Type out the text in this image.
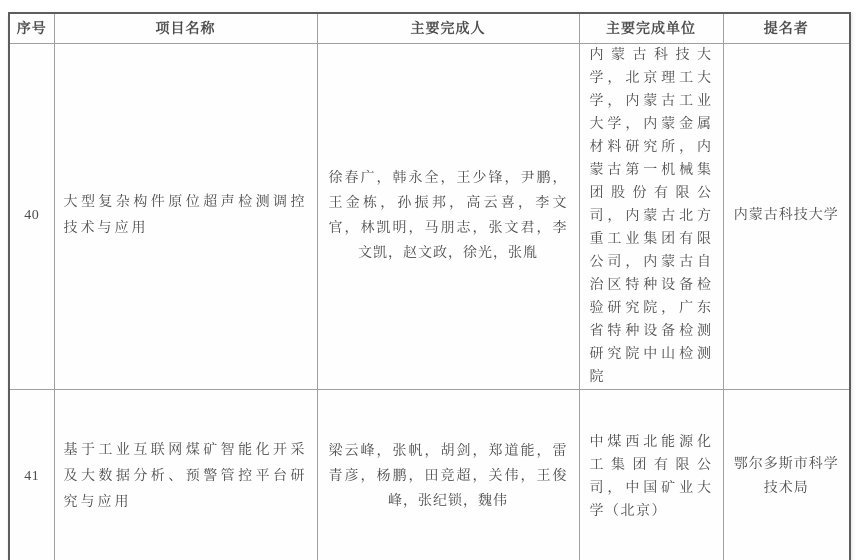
序号	项目名称	主要完成人	主要完成单位	提名者
40	大型复杂构件原位超声检测调控技术与应用	徐春广，韩永全，王少锋，尹鹏，王金栋，孙振邦，高云喜，李文官，林凯明，马朋志，张文君，李文凯，赵文政，徐光，张胤	内蒙古科技大学，北京理工大学，内蒙古工业大学，内蒙金属材料研究所，内蒙古第一机械集团股份有限公司，内蒙古北方重工业集团有限公司，内蒙古自治区特种设备检验研究院，广东省特种设备检测研究院中山检测院	内蒙古科技大学
41	基于工业互联网煤矿智能化开采及大数据分析、预警管控平台研究与应用	梁云峰，张帆，胡剑，郑道能，雷青彦，杨鹏，田竞超，关伟，王俊峰，张纪锁，魏伟	中煤西北能源化工集团有限公司，中国矿业大学（北京）	鄂尔多斯市科学技术局
